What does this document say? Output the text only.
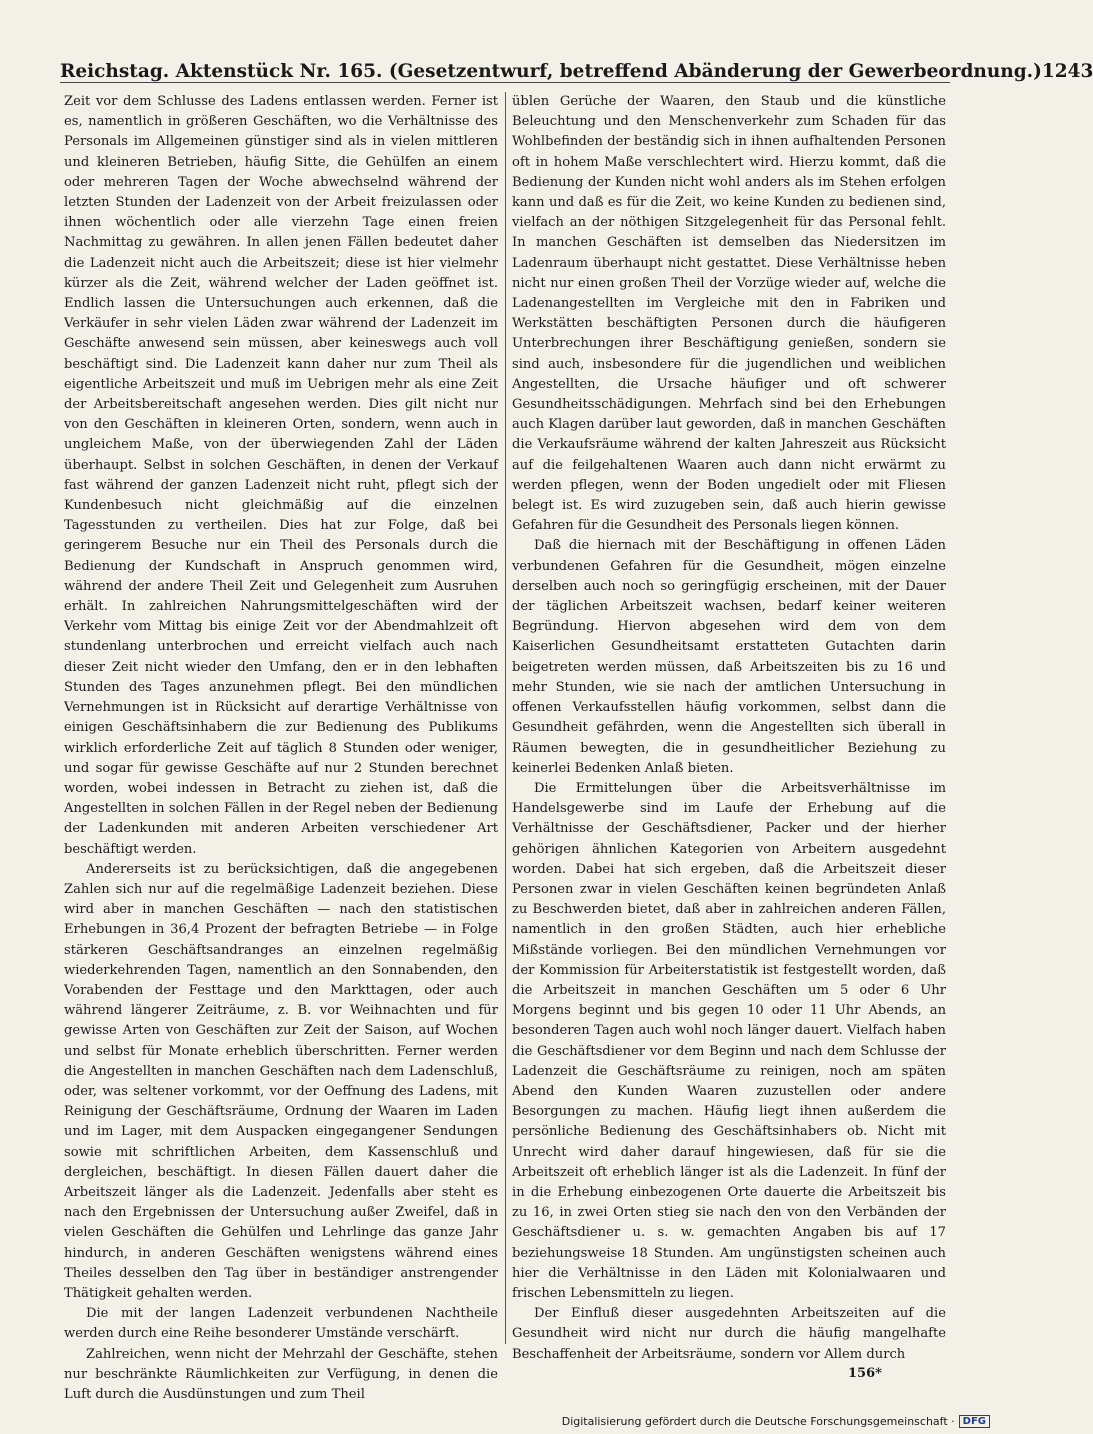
Reichstag. Aktenstück Nr. 165. (Gesetzentwurf, betreffend Abänderung der Gewerbeordnung.) 1243

Zeit vor dem Schlusse des Ladens entlassen werden. Ferner ist es, namentlich in größeren Geschäften, wo die Verhältnisse des Personals im Allgemeinen günstiger sind als in vielen mittleren und kleineren Betrieben, häufig Sitte, die Gehülfen an einem oder mehreren Tagen der Woche abwechselnd während der letzten Stunden der Ladenzeit von der Arbeit freizulassen oder ihnen wöchentlich oder alle vierzehn Tage einen freien Nachmittag zu gewähren. In allen jenen Fällen bedeutet daher die Ladenzeit nicht auch die Arbeitszeit; diese ist hier vielmehr kürzer als die Zeit, während welcher der Laden geöffnet ist. Endlich lassen die Untersuchungen auch erkennen, daß die Verkäufer in sehr vielen Läden zwar während der Ladenzeit im Geschäfte anwesend sein müssen, aber keineswegs auch voll beschäftigt sind. Die Ladenzeit kann daher nur zum Theil als eigentliche Arbeitszeit und muß im Uebrigen mehr als eine Zeit der Arbeitsbereitschaft angesehen werden. Dies gilt nicht nur von den Geschäften in kleineren Orten, sondern, wenn auch in ungleichem Maße, von der überwiegenden Zahl der Läden überhaupt. Selbst in solchen Geschäften, in denen der Verkauf fast während der ganzen Ladenzeit nicht ruht, pflegt sich der Kundenbesuch nicht gleichmäßig auf die einzelnen Tagesstunden zu vertheilen. Dies hat zur Folge, daß bei geringerem Besuche nur ein Theil des Personals durch die Bedienung der Kundschaft in Anspruch genommen wird, während der andere Theil Zeit und Gelegenheit zum Ausruhen erhält. In zahlreichen Nahrungsmittelgeschäften wird der Verkehr vom Mittag bis einige Zeit vor der Abendmahlzeit oft stundenlang unterbrochen und erreicht vielfach auch nach dieser Zeit nicht wieder den Umfang, den er in den lebhaften Stunden des Tages anzunehmen pflegt. Bei den mündlichen Vernehmungen ist in Rücksicht auf derartige Verhältnisse von einigen Geschäftsinhabern die zur Bedienung des Publikums wirklich erforderliche Zeit auf täglich 8 Stunden oder weniger, und sogar für gewisse Geschäfte auf nur 2 Stunden berechnet worden, wobei indessen in Betracht zu ziehen ist, daß die Angestellten in solchen Fällen in der Regel neben der Bedienung der Ladenkunden mit anderen Arbeiten verschiedener Art beschäftigt werden.

Andererseits ist zu berücksichtigen, daß die angegebenen Zahlen sich nur auf die regelmäßige Ladenzeit beziehen. Diese wird aber in manchen Geschäften — nach den statistischen Erhebungen in 36,4 Prozent der befragten Betriebe — in Folge stärkeren Geschäftsandranges an einzelnen regelmäßig wiederkehrenden Tagen, namentlich an den Sonnabenden, den Vorabenden der Festtage und den Markttagen, oder auch während längerer Zeiträume, z. B. vor Weihnachten und für gewisse Arten von Geschäften zur Zeit der Saison, auf Wochen und selbst für Monate erheblich überschritten. Ferner werden die Angestellten in manchen Geschäften nach dem Ladenschluß, oder, was seltener vorkommt, vor der Oeffnung des Ladens, mit Reinigung der Geschäftsräume, Ordnung der Waaren im Laden und im Lager, mit dem Auspacken eingegangener Sendungen sowie mit schriftlichen Arbeiten, dem Kassenschluß und dergleichen, beschäftigt. In diesen Fällen dauert daher die Arbeitszeit länger als die Ladenzeit. Jedenfalls aber steht es nach den Ergebnissen der Untersuchung außer Zweifel, daß in vielen Geschäften die Gehülfen und Lehrlinge das ganze Jahr hindurch, in anderen Geschäften wenigstens während eines Theiles desselben den Tag über in beständiger anstrengender Thätigkeit gehalten werden.

Die mit der langen Ladenzeit verbundenen Nachtheile werden durch eine Reihe besonderer Umstände verschärft.

Zahlreichen, wenn nicht der Mehrzahl der Geschäfte, stehen nur beschränkte Räumlichkeiten zur Verfügung, in denen die Luft durch die Ausdünstungen und zum Theil

üblen Gerüche der Waaren, den Staub und die künstliche Beleuchtung und den Menschenverkehr zum Schaden für das Wohlbefinden der beständig sich in ihnen aufhaltenden Personen oft in hohem Maße verschlechtert wird. Hierzu kommt, daß die Bedienung der Kunden nicht wohl anders als im Stehen erfolgen kann und daß es für die Zeit, wo keine Kunden zu bedienen sind, vielfach an der nöthigen Sitzgelegenheit für das Personal fehlt. In manchen Geschäften ist demselben das Niedersitzen im Ladenraum überhaupt nicht gestattet. Diese Verhältnisse heben nicht nur einen großen Theil der Vorzüge wieder auf, welche die Ladenangestellten im Vergleiche mit den in Fabriken und Werkstätten beschäftigten Personen durch die häufigeren Unterbrechungen ihrer Beschäftigung genießen, sondern sie sind auch, insbesondere für die jugendlichen und weiblichen Angestellten, die Ursache häufiger und oft schwerer Gesundheitsschädigungen. Mehrfach sind bei den Erhebungen auch Klagen darüber laut geworden, daß in manchen Geschäften die Verkaufsräume während der kalten Jahreszeit aus Rücksicht auf die feilgehaltenen Waaren auch dann nicht erwärmt zu werden pflegen, wenn der Boden ungedielt oder mit Fliesen belegt ist. Es wird zuzugeben sein, daß auch hierin gewisse Gefahren für die Gesundheit des Personals liegen können.

Daß die hiernach mit der Beschäftigung in offenen Läden verbundenen Gefahren für die Gesundheit, mögen einzelne derselben auch noch so geringfügig erscheinen, mit der Dauer der täglichen Arbeitszeit wachsen, bedarf keiner weiteren Begründung. Hiervon abgesehen wird dem von dem Kaiserlichen Gesundheitsamt erstatteten Gutachten darin beigetreten werden müssen, daß Arbeitszeiten bis zu 16 und mehr Stunden, wie sie nach der amtlichen Untersuchung in offenen Verkaufsstellen häufig vorkommen, selbst dann die Gesundheit gefährden, wenn die Angestellten sich überall in Räumen bewegten, die in gesundheitlicher Beziehung zu keinerlei Bedenken Anlaß bieten.

Die Ermittelungen über die Arbeitsverhältnisse im Handelsgewerbe sind im Laufe der Erhebung auf die Verhältnisse der Geschäftsdiener, Packer und der hierher gehörigen ähnlichen Kategorien von Arbeitern ausgedehnt worden. Dabei hat sich ergeben, daß die Arbeitszeit dieser Personen zwar in vielen Geschäften keinen begründeten Anlaß zu Beschwerden bietet, daß aber in zahlreichen anderen Fällen, namentlich in den großen Städten, auch hier erhebliche Mißstände vorliegen. Bei den mündlichen Vernehmungen vor der Kommission für Arbeiterstatistik ist festgestellt worden, daß die Arbeitszeit in manchen Geschäften um 5 oder 6 Uhr Morgens beginnt und bis gegen 10 oder 11 Uhr Abends, an besonderen Tagen auch wohl noch länger dauert. Vielfach haben die Geschäftsdiener vor dem Beginn und nach dem Schlusse der Ladenzeit die Geschäftsräume zu reinigen, noch am späten Abend den Kunden Waaren zuzustellen oder andere Besorgungen zu machen. Häufig liegt ihnen außerdem die persönliche Bedienung des Geschäftsinhabers ob. Nicht mit Unrecht wird daher darauf hingewiesen, daß für sie die Arbeitszeit oft erheblich länger ist als die Ladenzeit. In fünf der in die Erhebung einbezogenen Orte dauerte die Arbeitszeit bis zu 16, in zwei Orten stieg sie nach den von den Verbänden der Geschäftsdiener u. s. w. gemachten Angaben bis auf 17 beziehungsweise 18 Stunden. Am ungünstigsten scheinen auch hier die Verhältnisse in den Läden mit Kolonialwaaren und frischen Lebensmitteln zu liegen.

Der Einfluß dieser ausgedehnten Arbeitszeiten auf die Gesundheit wird nicht nur durch die häufig mangelhafte Beschaffenheit der Arbeitsräume, sondern vor Allem durch

156*
Digitalisierung gefördert durch die Deutsche Forschungsgemeinschaft · DFG
